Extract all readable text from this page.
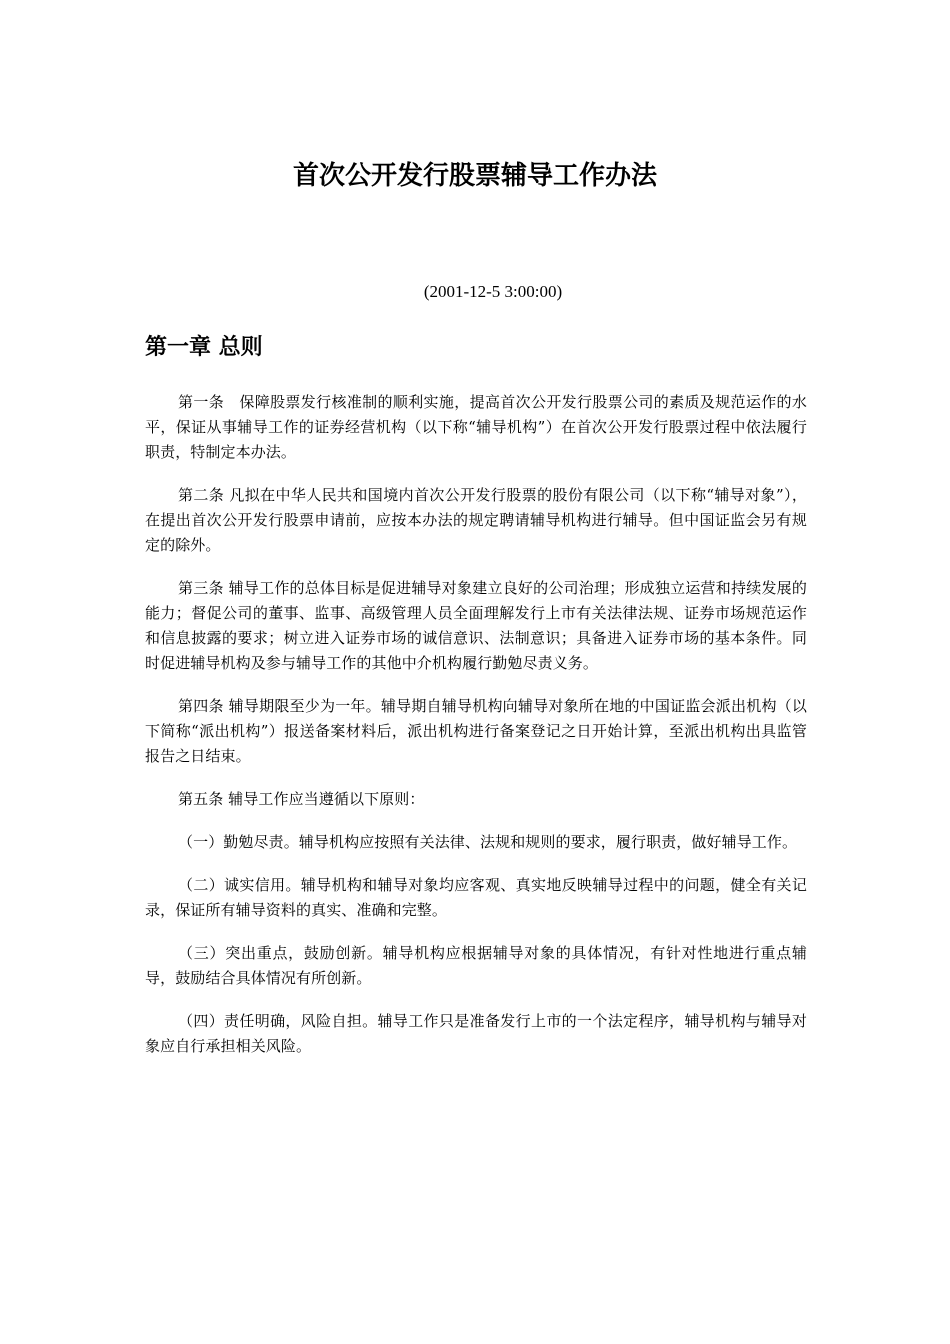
首次公开发行股票辅导工作办法

(2001-12-5 3:00:00)

第一章 总则

第一条　保障股票发行核准制的顺利实施，提高首次公开发行股票公司的素质及规范运作的水平，保证从事辅导工作的证券经营机构（以下称“辅导机构”）在首次公开发行股票过程中依法履行职责，特制定本办法。

第二条 凡拟在中华人民共和国境内首次公开发行股票的股份有限公司（以下称“辅导对象”），在提出首次公开发行股票申请前，应按本办法的规定聘请辅导机构进行辅导。但中国证监会另有规定的除外。

第三条 辅导工作的总体目标是促进辅导对象建立良好的公司治理；形成独立运营和持续发展的能力；督促公司的董事、监事、高级管理人员全面理解发行上市有关法律法规、证券市场规范运作和信息披露的要求；树立进入证券市场的诚信意识、法制意识；具备进入证券市场的基本条件。同时促进辅导机构及参与辅导工作的其他中介机构履行勤勉尽责义务。

第四条 辅导期限至少为一年。辅导期自辅导机构向辅导对象所在地的中国证监会派出机构（以下简称“派出机构”）报送备案材料后，派出机构进行备案登记之日开始计算，至派出机构出具监管报告之日结束。

第五条 辅导工作应当遵循以下原则：

（一）勤勉尽责。辅导机构应按照有关法律、法规和规则的要求，履行职责，做好辅导工作。

（二）诚实信用。辅导机构和辅导对象均应客观、真实地反映辅导过程中的问题，健全有关记录，保证所有辅导资料的真实、准确和完整。

（三）突出重点，鼓励创新。辅导机构应根据辅导对象的具体情况，有针对性地进行重点辅导，鼓励结合具体情况有所创新。

（四）责任明确，风险自担。辅导工作只是准备发行上市的一个法定程序，辅导机构与辅导对象应自行承担相关风险。
